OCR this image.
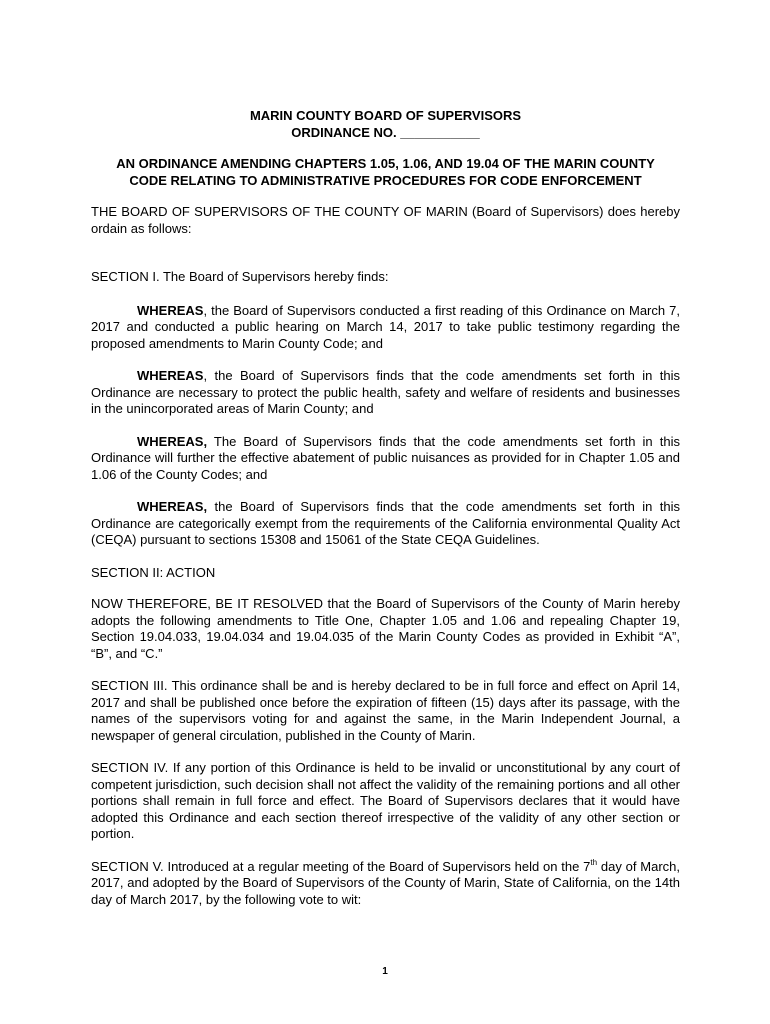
MARIN COUNTY BOARD OF SUPERVISORS

ORDINANCE NO. ___________

AN ORDINANCE AMENDING CHAPTERS 1.05, 1.06, AND 19.04 OF THE MARIN COUNTY
CODE RELATING TO ADMINISTRATIVE PROCEDURES FOR CODE ENFORCEMENT

THE BOARD OF SUPERVISORS OF THE COUNTY OF MARIN (Board of Supervisors) does hereby ordain as follows:

SECTION I. The Board of Supervisors hereby finds:

WHEREAS, the Board of Supervisors conducted a first reading of this Ordinance on March 7, 2017 and conducted a public hearing on March 14, 2017 to take public testimony regarding the proposed amendments to Marin County Code; and

WHEREAS, the Board of Supervisors finds that the code amendments set forth in this Ordinance are necessary to protect the public health, safety and welfare of residents and businesses in the unincorporated areas of Marin County; and

WHEREAS, The Board of Supervisors finds that the code amendments set forth in this Ordinance will further the effective abatement of public nuisances as provided for in Chapter 1.05 and 1.06 of the County Codes; and

WHEREAS, the Board of Supervisors finds that the code amendments set forth in this Ordinance are categorically exempt from the requirements of the California environmental Quality Act (CEQA) pursuant to sections 15308 and 15061 of the State CEQA Guidelines.

SECTION II: ACTION

NOW THEREFORE, BE IT RESOLVED that the Board of Supervisors of the County of Marin hereby adopts the following amendments to Title One, Chapter 1.05 and 1.06 and repealing Chapter 19, Section 19.04.033, 19.04.034 and 19.04.035 of the Marin County Codes as provided in Exhibit “A”, “B”, and “C.”

SECTION III. This ordinance shall be and is hereby declared to be in full force and effect on April 14, 2017 and shall be published once before the expiration of fifteen (15) days after its passage, with the names of the supervisors voting for and against the same, in the Marin Independent Journal, a newspaper of general circulation, published in the County of Marin.

SECTION IV. If any portion of this Ordinance is held to be invalid or unconstitutional by any court of competent jurisdiction, such decision shall not affect the validity of the remaining portions and all other portions shall remain in full force and effect. The Board of Supervisors declares that it would have adopted this Ordinance and each section thereof irrespective of the validity of any other section or portion.

SECTION V. Introduced at a regular meeting of the Board of Supervisors held on the 7th day of March, 2017, and adopted by the Board of Supervisors of the County of Marin, State of California, on the 14th day of March 2017, by the following vote to wit:

1
